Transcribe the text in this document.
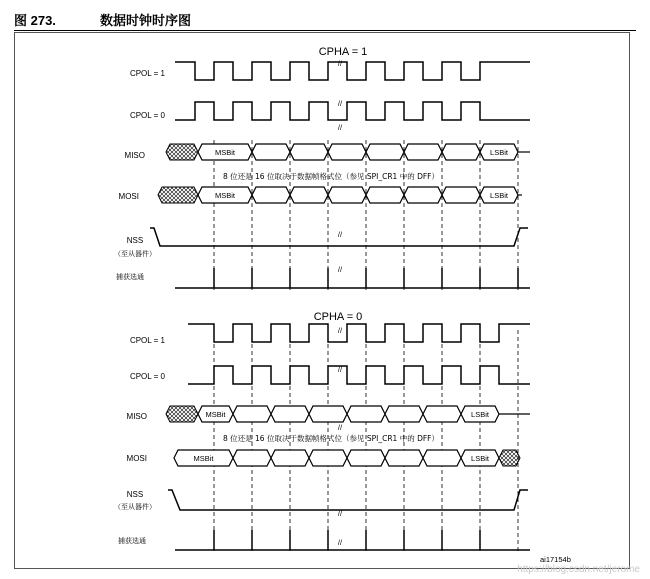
图 273.	数据时钟时序图
CPHA = 1
CPOL = 1
CPOL = 0
MISO
8 位还是 16 位取决于数据帧格式位（参见 SPI_CR1 中的 DFF）
MOSI
NSS
（至从器件）
捕获选通
CPHA = 0
CPOL = 1
CPOL = 0
MISO
8 位还是 16 位取决于数据帧格式位（参见 SPI_CR1 中的 DFF）
MOSI
NSS
（至从器件）
捕获选通
ai17154b
https://blog.csdn.net/jerome
MSBit	LSBit
MSBit	LSBit
//
//
//
//
//
MSBit	LSBit
MSBit	LSBit
//
//
//
//
//
